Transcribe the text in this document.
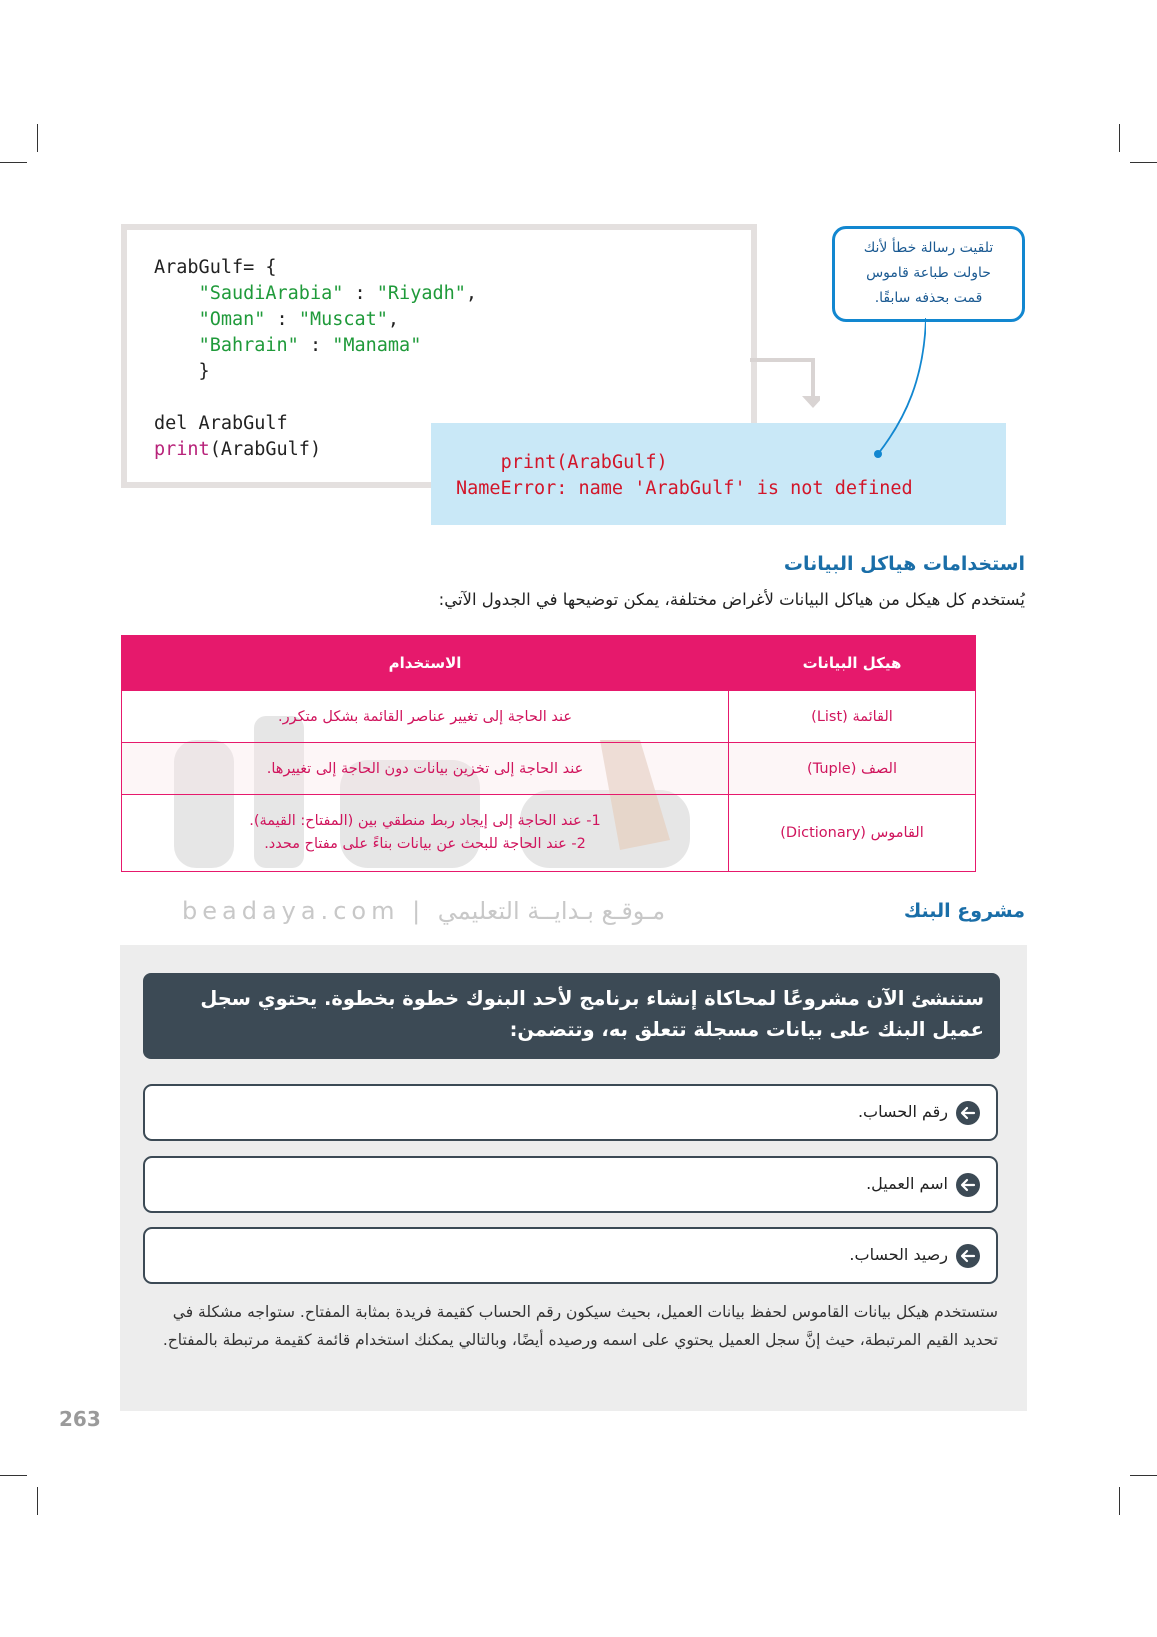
ArabGulf= {
"SaudiArabia" : "Riyadh",
"Oman" : "Muscat",
"Bahrain" : "Manama"
}

del ArabGulf
print(ArabGulf)
print(ArabGulf)
NameError: name 'ArabGulf' is not defined
تلقيت رسالة خطأ لأنك
حاولت طباعة قاموس
قمت بحذفه سابقًا.
استخدامات هياكل البيانات
يُستخدم كل هيكل من هياكل البيانات لأغراض مختلفة، يمكن توضيحها في الجدول الآتي:
beadaya.com | مـوقـع بـدايــة التعليمي
هيكل البيانات	الاستخدام
القائمة (List)	عند الحاجة إلى تغيير عناصر القائمة بشكل متكرر.
الصف (Tuple)	عند الحاجة إلى تخزين بيانات دون الحاجة إلى تغييرها.
القاموس (Dictionary)	1- عند الحاجة إلى إيجاد ربط منطقي بين (المفتاح: القيمة).
2- عند الحاجة للبحث عن بيانات بناءً على مفتاح محدد.
مشروع البنك
ستنشئ الآن مشروعًا لمحاكاة إنشاء برنامج لأحد البنوك خطوة بخطوة. يحتوي سجل عميل البنك على بيانات مسجلة تتعلق به، وتتضمن:
رقم الحساب.
اسم العميل.
رصيد الحساب.
ستستخدم هيكل بيانات القاموس لحفظ بيانات العميل، بحيث سيكون رقم الحساب كقيمة فريدة بمثابة المفتاح. ستواجه مشكلة في تحديد القيم المرتبطة، حيث إنَّ سجل العميل يحتوي على اسمه ورصيده أيضًا، وبالتالي يمكنك استخدام قائمة كقيمة مرتبطة بالمفتاح.
263
